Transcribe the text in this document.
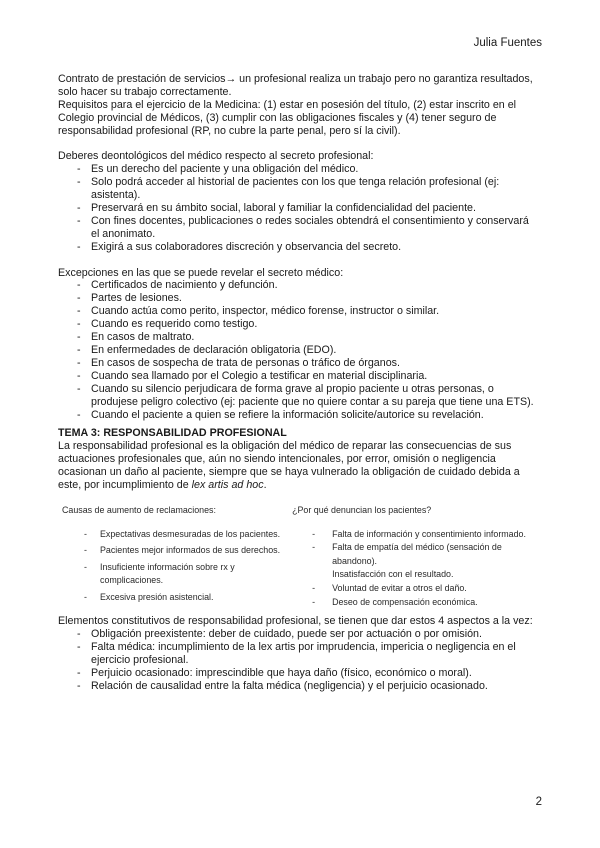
Julia Fuentes

Contrato de prestación de servicios→ un profesional realiza un trabajo pero no garantiza resultados, solo hacer su trabajo correctamente.

Requisitos para el ejercicio de la Medicina: (1) estar en posesión del título, (2) estar inscrito en el Colegio provincial de Médicos, (3) cumplir con las obligaciones fiscales y (4) tener seguro de responsabilidad profesional (RP, no cubre la parte penal, pero sí la civil).

Deberes deontológicos del médico respecto al secreto profesional:

- Es un derecho del paciente y una obligación del médico.
- Solo podrá acceder al historial de pacientes con los que tenga relación profesional (ej: asistenta).
- Preservará en su ámbito social, laboral y familiar la confidencialidad del paciente.
- Con fines docentes, publicaciones o redes sociales obtendrá el consentimiento y conservará el anonimato.
- Exigirá a sus colaboradores discreción y observancia del secreto.

Excepciones en las que se puede revelar el secreto médico:

- Certificados de nacimiento y defunción.
- Partes de lesiones.
- Cuando actúa como perito, inspector, médico forense, instructor o similar.
- Cuando es requerido como testigo.
- En casos de maltrato.
- En enfermedades de declaración obligatoria (EDO).
- En casos de sospecha de trata de personas o tráfico de órganos.
- Cuando sea llamado por el Colegio a testificar en material disciplinaria.
- Cuando su silencio perjudicara de forma grave al propio paciente u otras personas, o produjese peligro colectivo (ej: paciente que no quiere contar a su pareja que tiene una ETS).
- Cuando el paciente a quien se refiere la información solicite/autorice su revelación.

TEMA 3: RESPONSABILIDAD PROFESIONAL

La responsabilidad profesional es la obligación del médico de reparar las consecuencias de sus actuaciones profesionales que, aún no siendo intencionales, por error, omisión o negligencia ocasionan un daño al paciente, siempre que se haya vulnerado la obligación de cuidado debida a este, por incumplimiento de lex artis ad hoc.

Causas de aumento de reclamaciones:
- Expectativas desmesuradas de los pacientes.
- Pacientes mejor informados de sus derechos.
- Insuficiente información sobre rx y complicaciones.
- Excesiva presión asistencial.
¿Por qué denuncian los pacientes?
- Falta de información y consentimiento informado.
- Falta de empatía del médico (sensación de abandono).
Insatisfacción con el resultado.
- Voluntad de evitar a otros el daño.
- Deseo de compensación económica.

Elementos constitutivos de responsabilidad profesional, se tienen que dar estos 4 aspectos a la vez:

- Obligación preexistente: deber de cuidado, puede ser por actuación o por omisión.
- Falta médica: incumplimiento de la lex artis por imprudencia, impericia o negligencia en el ejercicio profesional.
- Perjuicio ocasionado: imprescindible que haya daño (físico, económico o moral).
- Relación de causalidad entre la falta médica (negligencia) y el perjuicio ocasionado.
2
